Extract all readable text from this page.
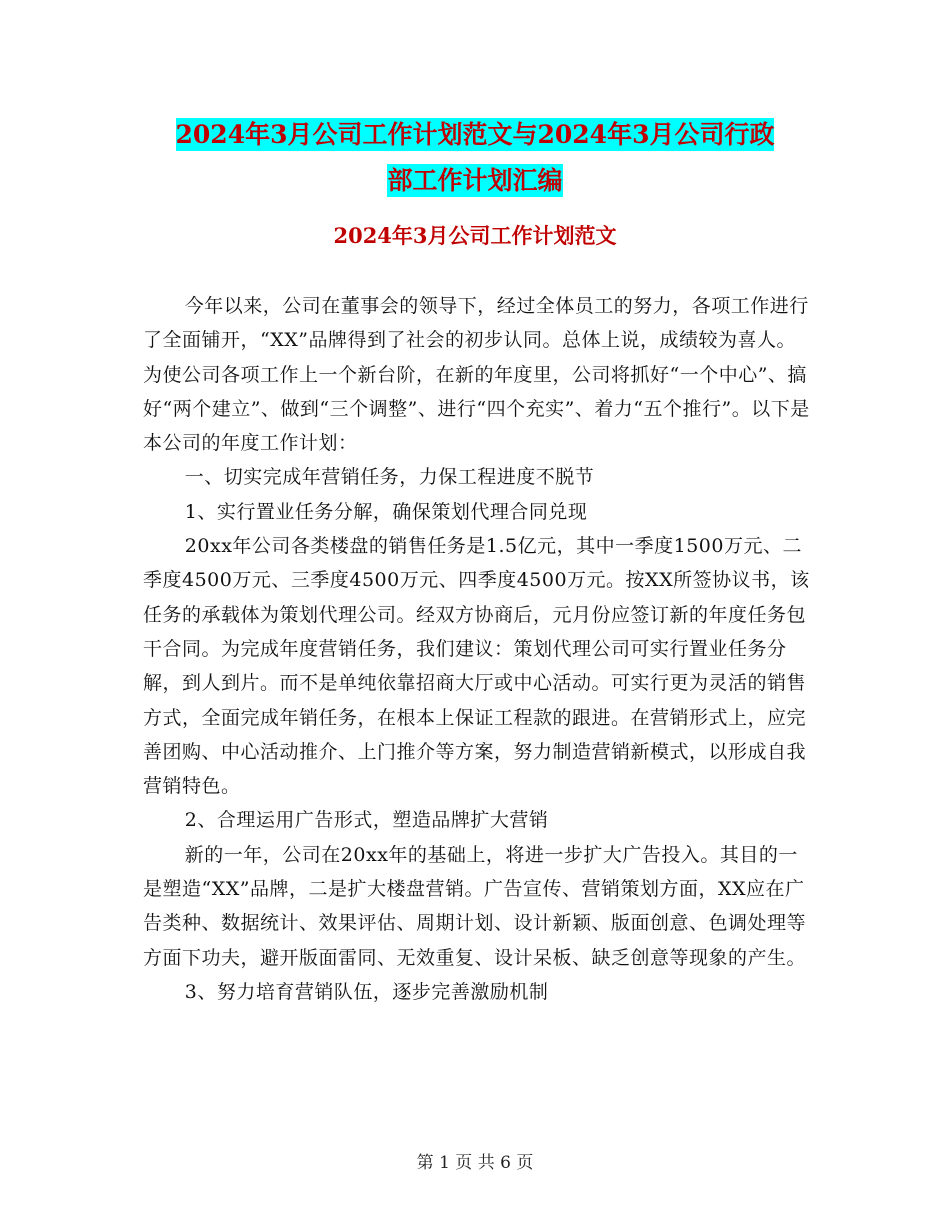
2024年3月公司工作计划范文与2024年3月公司行政
部工作计划汇编
2024年3月公司工作计划范文

今年以来，公司在董事会的领导下，经过全体员工的努力，各项工作进行了全面铺开，“XX”品牌得到了社会的初步认同。总体上说，成绩较为喜人。为使公司各项工作上一个新台阶，在新的年度里，公司将抓好“一个中心”、搞好“两个建立”、做到“三个调整”、进行“四个充实”、着力“五个推行”。以下是本公司的年度工作计划：

一、切实完成年营销任务，力保工程进度不脱节

1、实行置业任务分解，确保策划代理合同兑现

20xx年公司各类楼盘的销售任务是1.5亿元，其中一季度1500万元、二季度4500万元、三季度4500万元、四季度4500万元。按XX所签协议书，该任务的承载体为策划代理公司。经双方协商后，元月份应签订新的年度任务包干合同。为完成年度营销任务，我们建议：策划代理公司可实行置业任务分解，到人到片。而不是单纯依靠招商大厅或中心活动。可实行更为灵活的销售方式，全面完成年销任务，在根本上保证工程款的跟进。在营销形式上，应完善团购、中心活动推介、上门推介等方案，努力制造营销新模式，以形成自我营销特色。

2、合理运用广告形式，塑造品牌扩大营销

新的一年，公司在20xx年的基础上，将进一步扩大广告投入。其目的一是塑造“XX”品牌，二是扩大楼盘营销。广告宣传、营销策划方面，XX应在广告类种、数据统计、效果评估、周期计划、设计新颖、版面创意、色调处理等方面下功夫，避开版面雷同、无效重复、设计呆板、缺乏创意等现象的产生。

3、努力培育营销队伍，逐步完善激励机制

第 1 页 共 6 页
